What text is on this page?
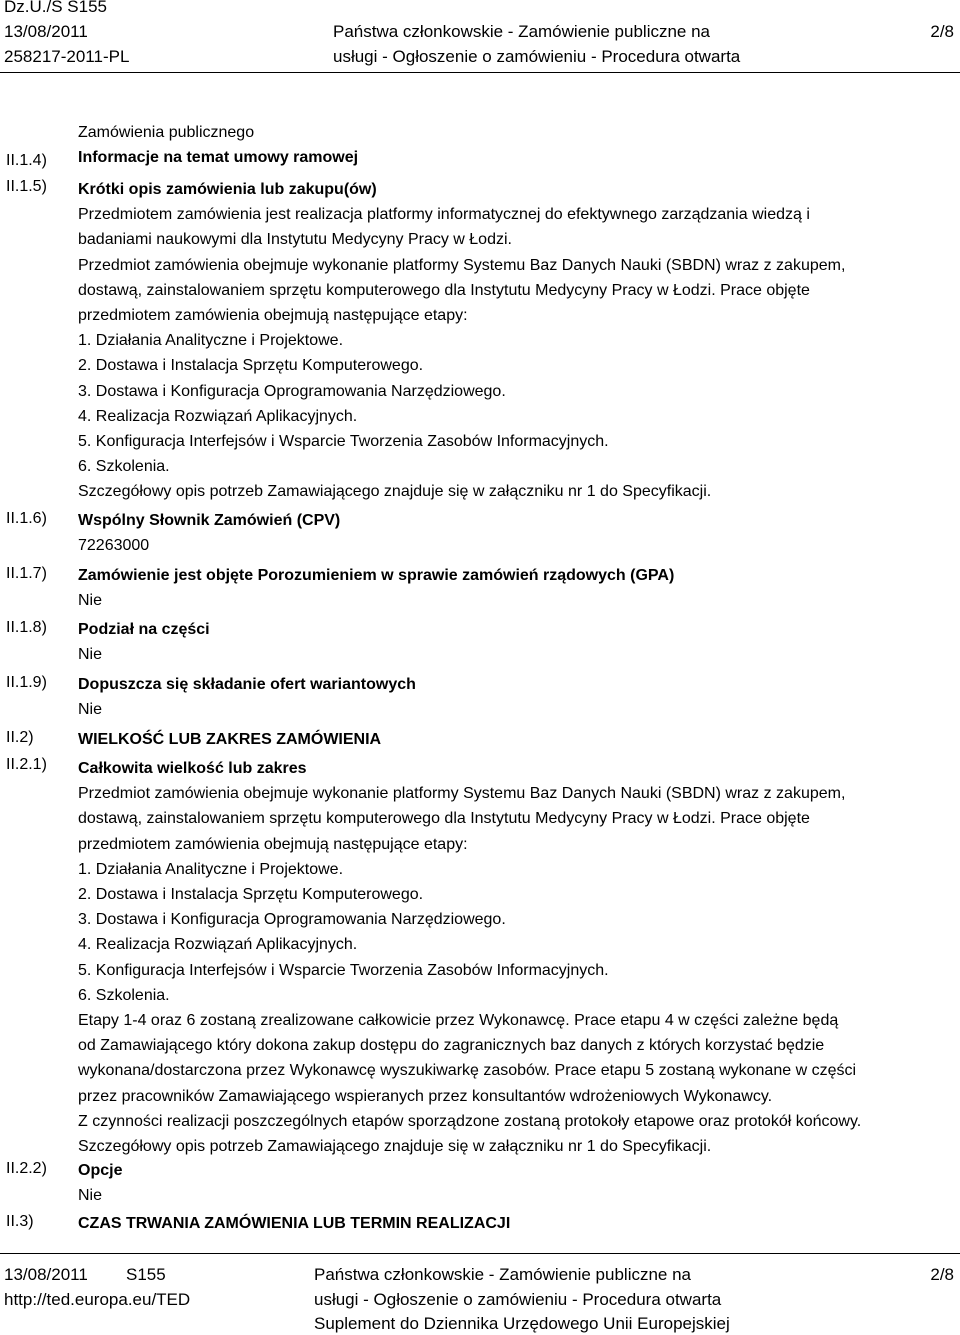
Dz.U./S S155
13/08/2011
258217-2011-PL
Państwa członkowskie - Zamówienie publiczne na
usługi - Ogłoszenie o zamówieniu - Procedura otwarta
2/8
II.1.4)
II.1.5)
II.1.6)
II.1.7)
II.1.8)
II.1.9)
II.2)
II.2.1)
II.2.2)
II.3)
Zamówienia publicznego
Informacje na temat umowy ramowej
Krótki opis zamówienia lub zakupu(ów)
Przedmiotem zamówienia jest realizacja platformy informatycznej do efektywnego zarządzania wiedzą i
badaniami naukowymi dla Instytutu Medycyny Pracy w Łodzi.
Przedmiot zamówienia obejmuje wykonanie platformy Systemu Baz Danych Nauki (SBDN) wraz z zakupem,
dostawą, zainstalowaniem sprzętu komputerowego dla Instytutu Medycyny Pracy w Łodzi. Prace objęte
przedmiotem zamówienia obejmują następujące etapy:
1. Działania Analityczne i Projektowe.
2. Dostawa i Instalacja Sprzętu Komputerowego.
3. Dostawa i Konfiguracja Oprogramowania Narzędziowego.
4. Realizacja Rozwiązań Aplikacyjnych.
5. Konfiguracja Interfejsów i Wsparcie Tworzenia Zasobów Informacyjnych.
6. Szkolenia.
Szczegółowy opis potrzeb Zamawiającego znajduje się w załączniku nr 1 do Specyfikacji.
Wspólny Słownik Zamówień (CPV)
72263000
Zamówienie jest objęte Porozumieniem w sprawie zamówień rządowych (GPA)
Nie
Podział na części
Nie
Dopuszcza się składanie ofert wariantowych
Nie
WIELKOŚĆ LUB ZAKRES ZAMÓWIENIA
Całkowita wielkość lub zakres
Przedmiot zamówienia obejmuje wykonanie platformy Systemu Baz Danych Nauki (SBDN) wraz z zakupem,
dostawą, zainstalowaniem sprzętu komputerowego dla Instytutu Medycyny Pracy w Łodzi. Prace objęte
przedmiotem zamówienia obejmują następujące etapy:
1. Działania Analityczne i Projektowe.
2. Dostawa i Instalacja Sprzętu Komputerowego.
3. Dostawa i Konfiguracja Oprogramowania Narzędziowego.
4. Realizacja Rozwiązań Aplikacyjnych.
5. Konfiguracja Interfejsów i Wsparcie Tworzenia Zasobów Informacyjnych.
6. Szkolenia.
Etapy 1-4 oraz 6 zostaną zrealizowane całkowicie przez Wykonawcę. Prace etapu 4 w części zależne będą
od Zamawiającego który dokona zakup dostępu do zagranicznych baz danych z których korzystać będzie
wykonana/dostarczona przez Wykonawcę wyszukiwarkę zasobów. Prace etapu 5 zostaną wykonane w części
przez pracowników Zamawiającego wspieranych przez konsultantów wdrożeniowych Wykonawcy.
Z czynności realizacji poszczególnych etapów sporządzone zostaną protokoły etapowe oraz protokół końcowy.
Szczegółowy opis potrzeb Zamawiającego znajduje się w załączniku nr 1 do Specyfikacji.
Opcje
Nie
CZAS TRWANIA ZAMÓWIENIA LUB TERMIN REALIZACJI
13/08/2011 S155
http://ted.europa.eu/TED
Państwa członkowskie - Zamówienie publiczne na
usługi - Ogłoszenie o zamówieniu - Procedura otwarta
Suplement do Dziennika Urzędowego Unii Europejskiej
2/8
